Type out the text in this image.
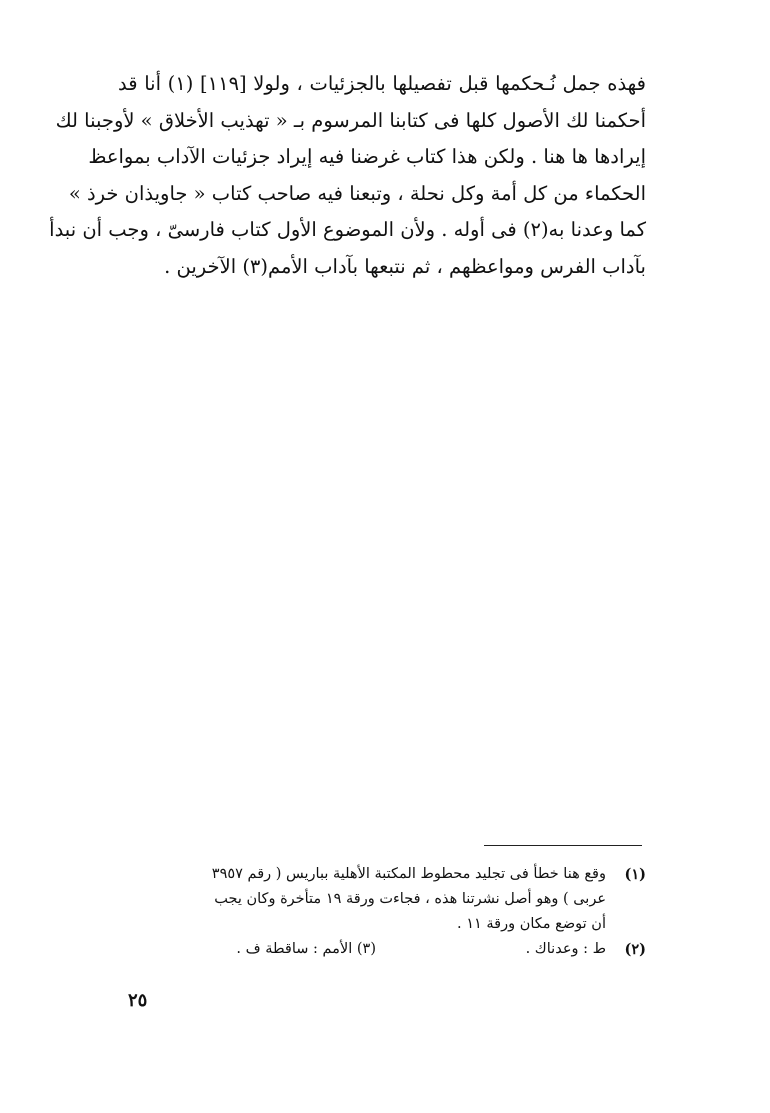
فهذه جمل نُـحكمها قبل تفصيلها بالجزئيات ، ولولا [١١٩] (١) أنا قد
أحكمنا لك الأصول كلها فى كتابنا المرسوم بـ « تهذيب الأخلاق » لأوجبنا لك
إيرادها ها هنا . ولكن هذا كتاب غرضنا فيه إيراد جزئيات الآداب بمواعظ
الحكماء من كل أمة وكل نحلة ، وتبعنا فيه صاحب كتاب « جاويذان خرذ »
كما وعدنا به(٢) فى أوله . ولأن الموضوع الأول كتاب فارسىّ ، وجب أن نبدأ
بآداب الفرس ومواعظهم ، ثم نتبعها بآداب الأمم(٣) الآخرين .
(١)
وقع هنا خطأ فى تجليد محطوط المكتبة الأهلية بباريس ( رقم ٣٩٥٧
عربى ) وهو أصل نشرتنا هذه ، فجاءت ورقة ١٩ متأخرة وكان يجب
أن توضع مكان ورقة ١١ .
(٢)
ط : وعدناك .
(٣) الأمم : ساقطة ف .
٢٥
